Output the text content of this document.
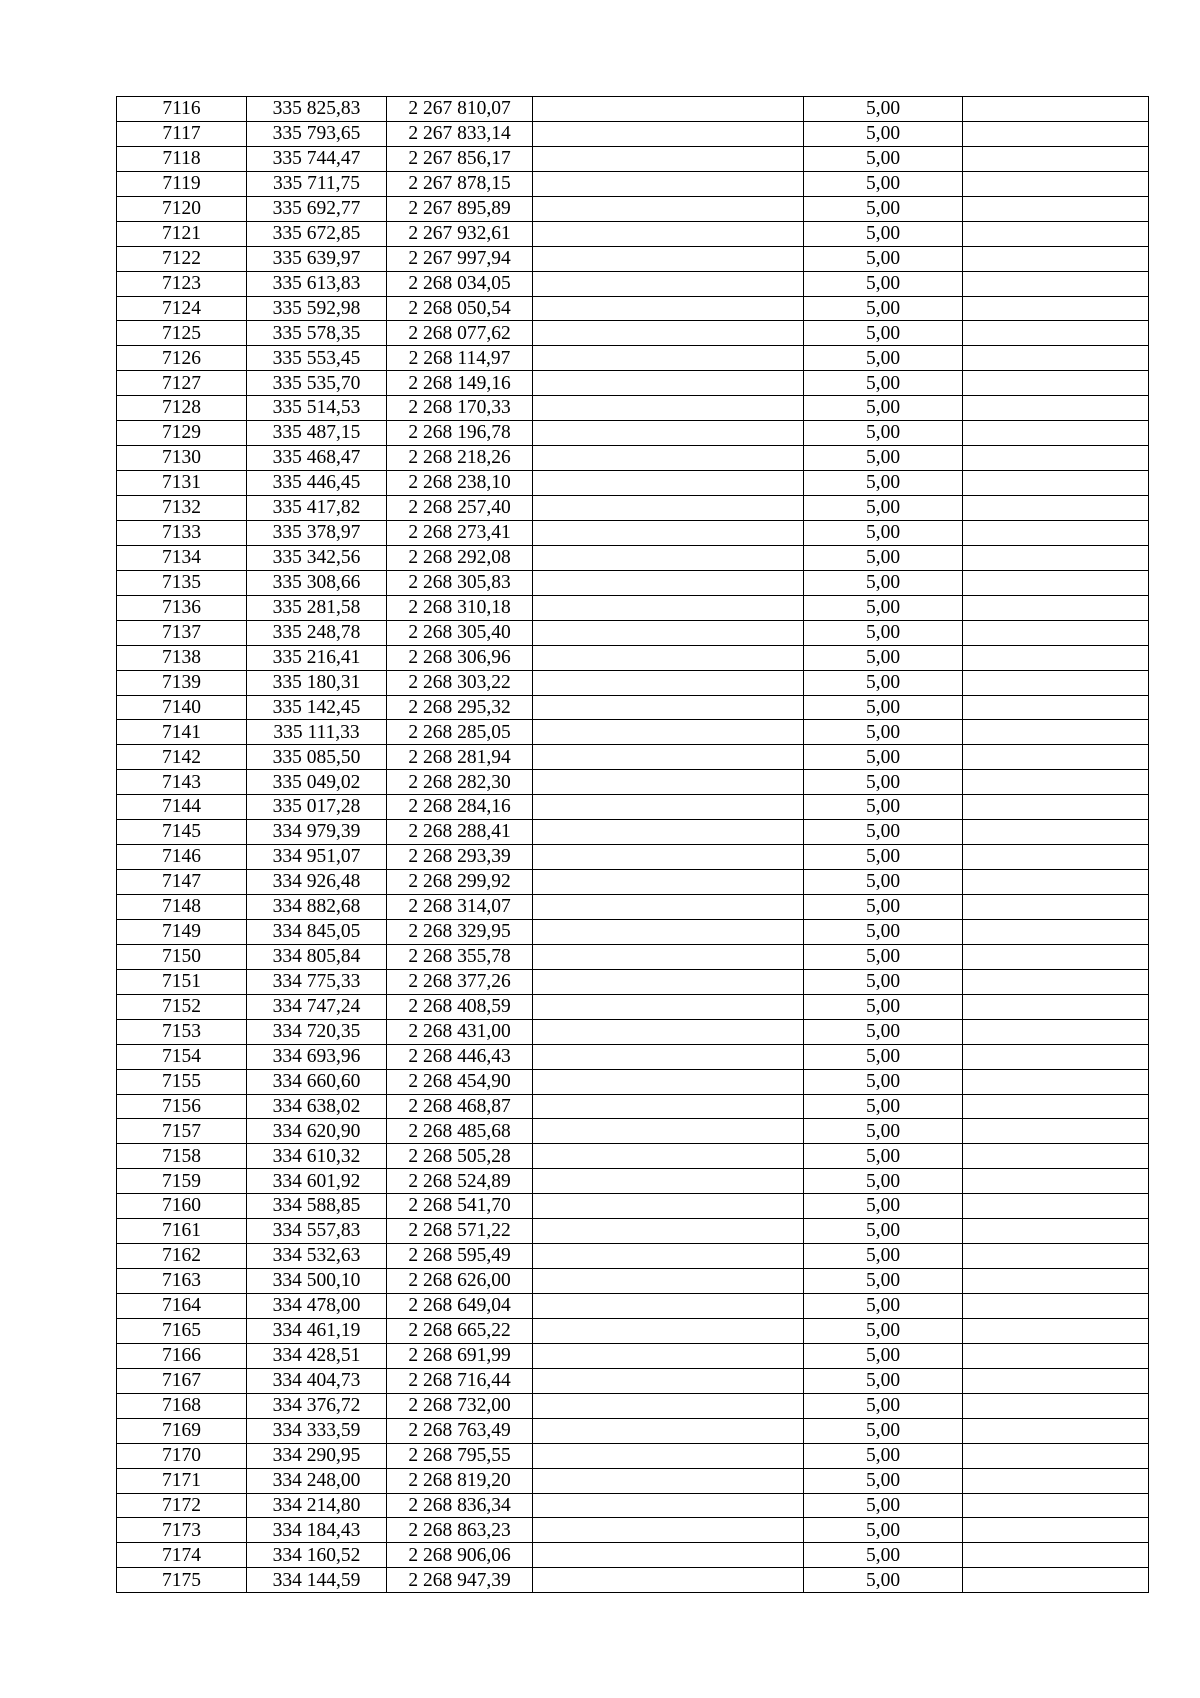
7116	335 825,83	2 267 810,07		5,00	
7117	335 793,65	2 267 833,14		5,00	
7118	335 744,47	2 267 856,17		5,00	
7119	335 711,75	2 267 878,15		5,00	
7120	335 692,77	2 267 895,89		5,00	
7121	335 672,85	2 267 932,61		5,00	
7122	335 639,97	2 267 997,94		5,00	
7123	335 613,83	2 268 034,05		5,00	
7124	335 592,98	2 268 050,54		5,00	
7125	335 578,35	2 268 077,62		5,00	
7126	335 553,45	2 268 114,97		5,00	
7127	335 535,70	2 268 149,16		5,00	
7128	335 514,53	2 268 170,33		5,00	
7129	335 487,15	2 268 196,78		5,00	
7130	335 468,47	2 268 218,26		5,00	
7131	335 446,45	2 268 238,10		5,00	
7132	335 417,82	2 268 257,40		5,00	
7133	335 378,97	2 268 273,41		5,00	
7134	335 342,56	2 268 292,08		5,00	
7135	335 308,66	2 268 305,83		5,00	
7136	335 281,58	2 268 310,18		5,00	
7137	335 248,78	2 268 305,40		5,00	
7138	335 216,41	2 268 306,96		5,00	
7139	335 180,31	2 268 303,22		5,00	
7140	335 142,45	2 268 295,32		5,00	
7141	335 111,33	2 268 285,05		5,00	
7142	335 085,50	2 268 281,94		5,00	
7143	335 049,02	2 268 282,30		5,00	
7144	335 017,28	2 268 284,16		5,00	
7145	334 979,39	2 268 288,41		5,00	
7146	334 951,07	2 268 293,39		5,00	
7147	334 926,48	2 268 299,92		5,00	
7148	334 882,68	2 268 314,07		5,00	
7149	334 845,05	2 268 329,95		5,00	
7150	334 805,84	2 268 355,78		5,00	
7151	334 775,33	2 268 377,26		5,00	
7152	334 747,24	2 268 408,59		5,00	
7153	334 720,35	2 268 431,00		5,00	
7154	334 693,96	2 268 446,43		5,00	
7155	334 660,60	2 268 454,90		5,00	
7156	334 638,02	2 268 468,87		5,00	
7157	334 620,90	2 268 485,68		5,00	
7158	334 610,32	2 268 505,28		5,00	
7159	334 601,92	2 268 524,89		5,00	
7160	334 588,85	2 268 541,70		5,00	
7161	334 557,83	2 268 571,22		5,00	
7162	334 532,63	2 268 595,49		5,00	
7163	334 500,10	2 268 626,00		5,00	
7164	334 478,00	2 268 649,04		5,00	
7165	334 461,19	2 268 665,22		5,00	
7166	334 428,51	2 268 691,99		5,00	
7167	334 404,73	2 268 716,44		5,00	
7168	334 376,72	2 268 732,00		5,00	
7169	334 333,59	2 268 763,49		5,00	
7170	334 290,95	2 268 795,55		5,00	
7171	334 248,00	2 268 819,20		5,00	
7172	334 214,80	2 268 836,34		5,00	
7173	334 184,43	2 268 863,23		5,00	
7174	334 160,52	2 268 906,06		5,00	
7175	334 144,59	2 268 947,39		5,00	
